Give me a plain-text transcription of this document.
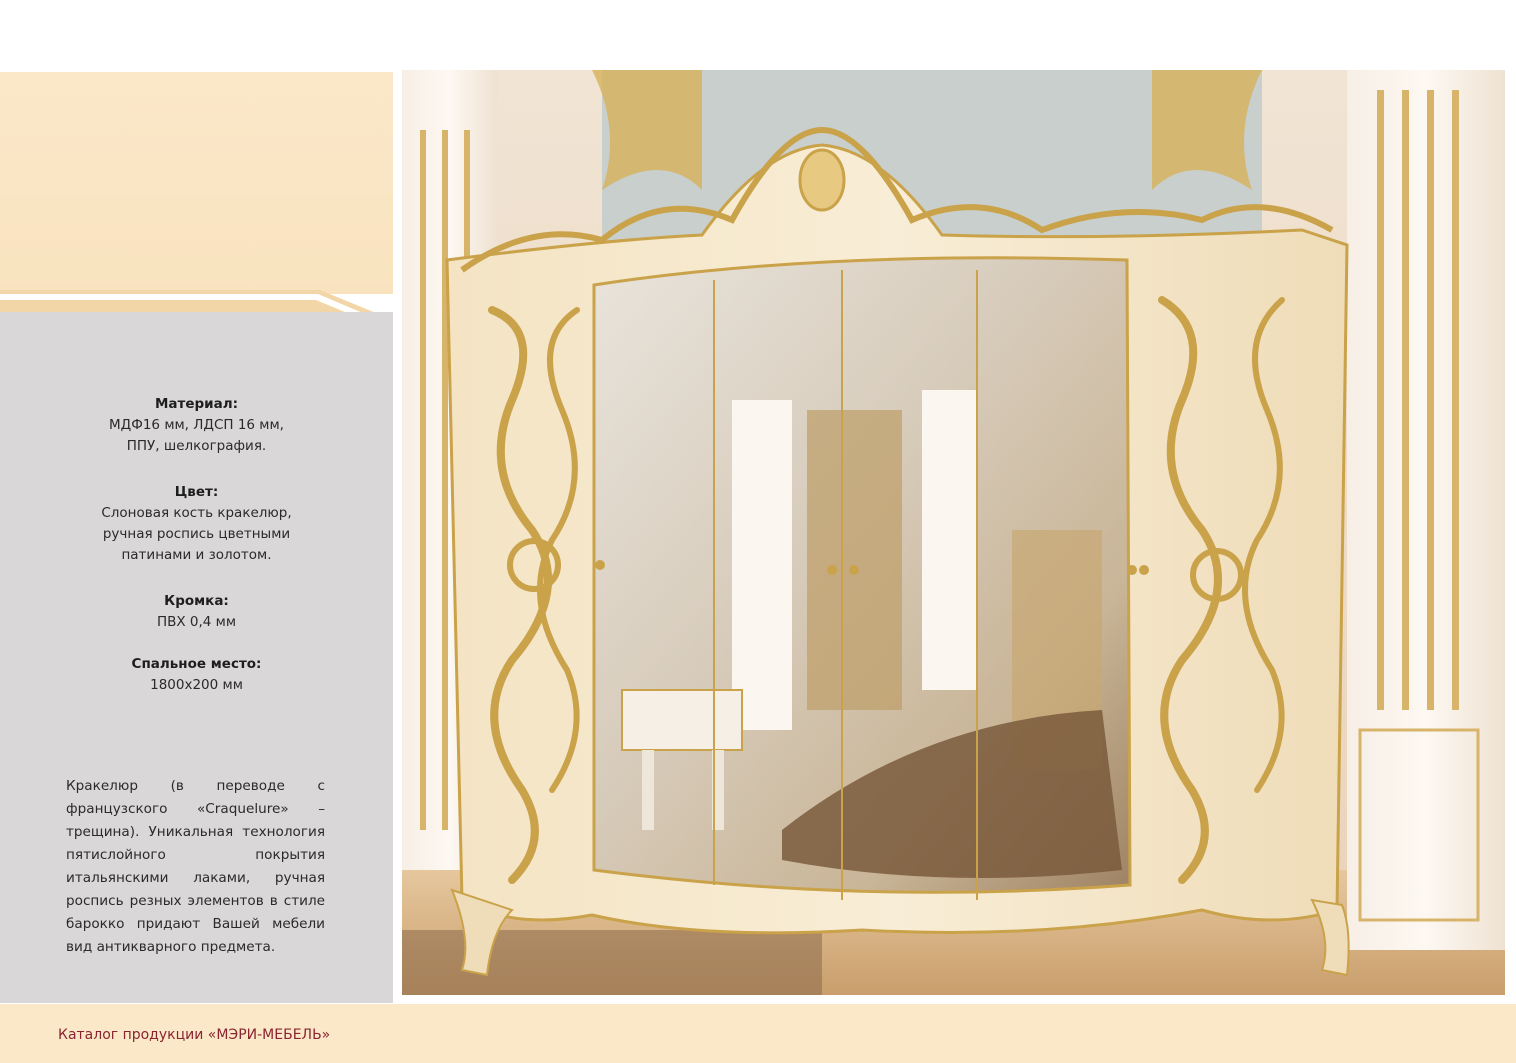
Материал:
МДФ16 мм, ЛДСП 16 мм,
ППУ, шелкография.
Цвет:
Слоновая кость кракелюр,
ручная роспись цветными
патинами и золотом.
Кромка:
ПВХ 0,4 мм
Спальное место:
1800х200 мм
Кракелюр (в переводе с французского «Craquelure» – трещина). Уникальная технология пятислойного покрытия итальянскими лаками, ручная роспись резных элементов в стиле барокко придают Вашей мебели вид антикварного предмета.
Каталог продукции «МЭРИ-МЕБЕЛЬ»
